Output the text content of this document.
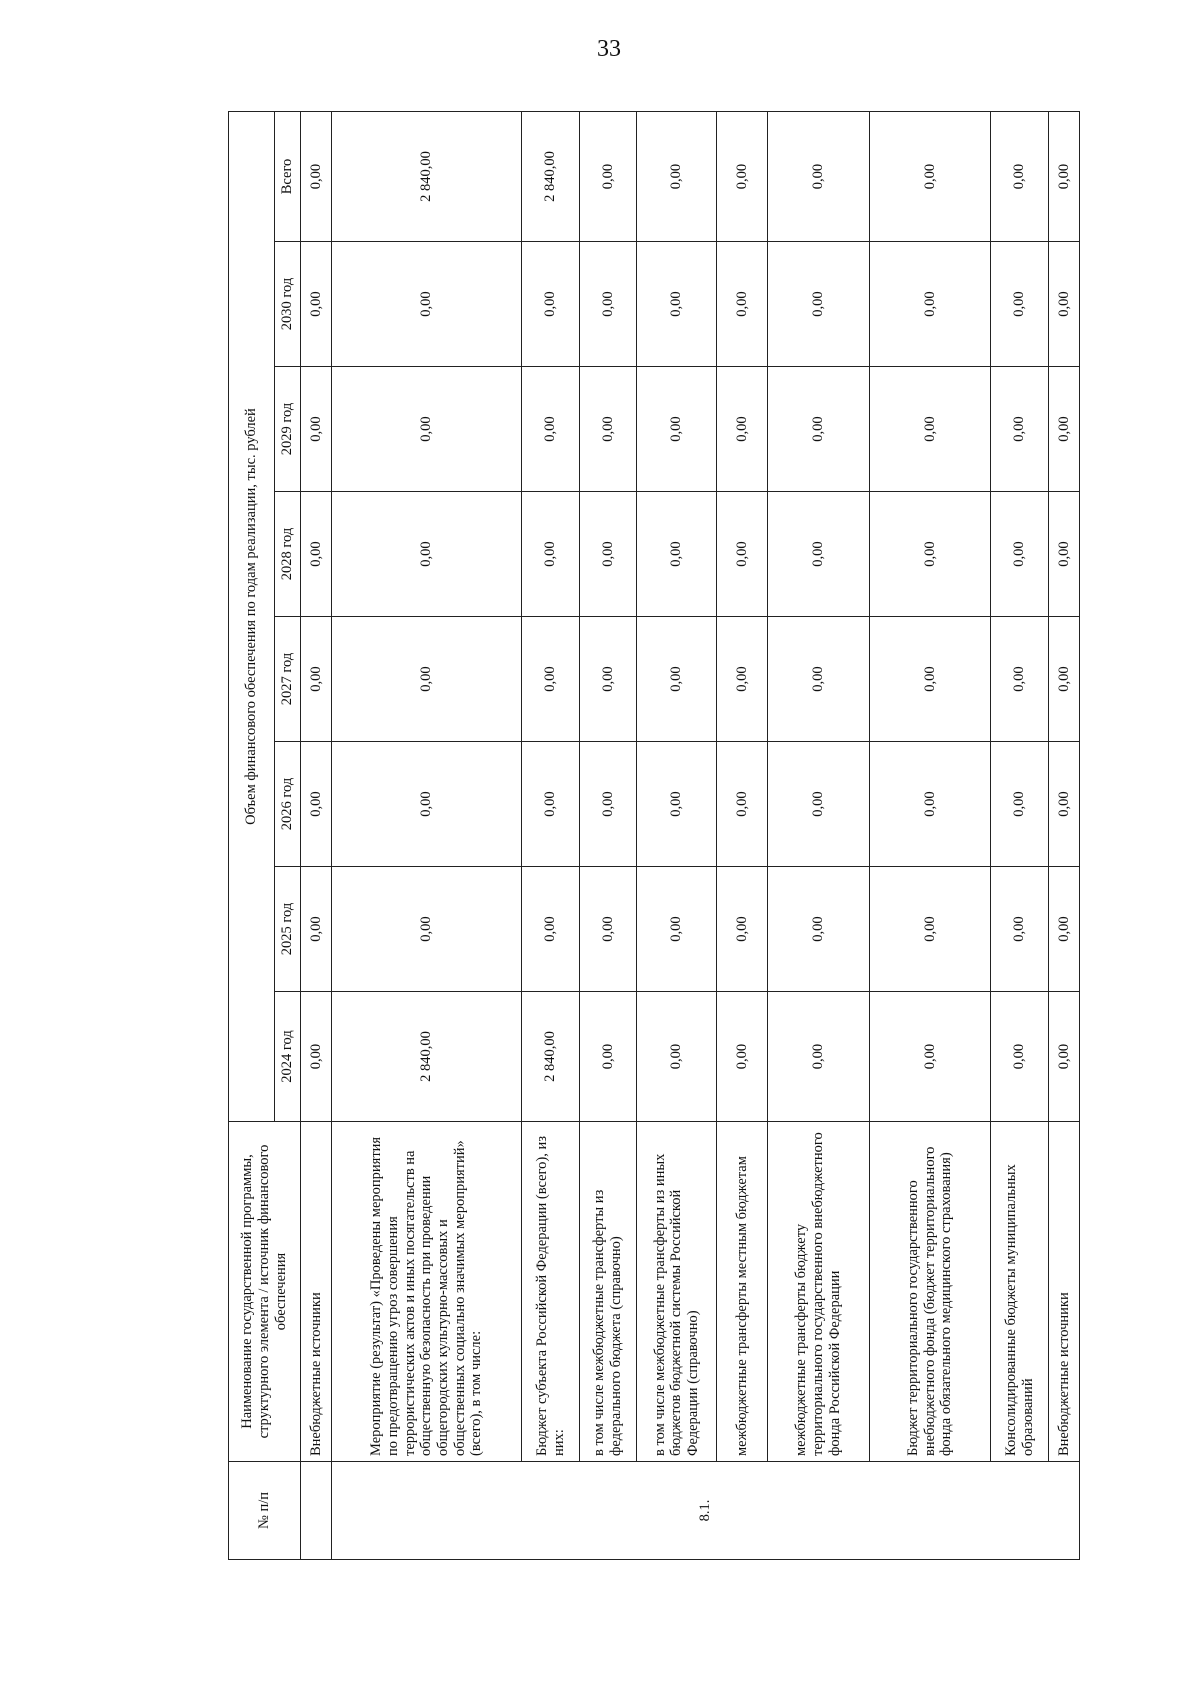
33
№ п/п	Наименование государственной программы, структурного элемента / источник финансового обеспечения	Объем финансового обеспечения по годам реализации, тыс. рублей							
		2024 год	2025 год	2026 год	2027 год	2028 год	2029 год	2030 год	Всего
	Внебюджетные источники	0,00	0,00	0,00	0,00	0,00	0,00	0,00	0,00
8.1.	Мероприятие (результат) «Проведены мероприятия по предотвращению угроз совершения террористических актов и иных посягательств на общественную безопасность при проведении общегородских культурно-массовых и общественных социально значимых мероприятий» (всего), в том числе:	2 840,00	0,00	0,00	0,00	0,00	0,00	0,00	2 840,00
	Бюджет субъекта Российской Федерации (всего), из них:	2 840,00	0,00	0,00	0,00	0,00	0,00	0,00	2 840,00
	в том числе межбюджетные трансферты из федерального бюджета (справочно)	0,00	0,00	0,00	0,00	0,00	0,00	0,00	0,00
	в том числе межбюджетные трансферты из иных бюджетов бюджетной системы Российской Федерации (справочно)	0,00	0,00	0,00	0,00	0,00	0,00	0,00	0,00
	межбюджетные трансферты местным бюджетам	0,00	0,00	0,00	0,00	0,00	0,00	0,00	0,00
	межбюджетные трансферты бюджету территориального государственного внебюджетного фонда Российской Федерации	0,00	0,00	0,00	0,00	0,00	0,00	0,00	0,00
	Бюджет территориального государственного внебюджетного фонда (бюджет территориального фонда обязательного медицинского страхования)	0,00	0,00	0,00	0,00	0,00	0,00	0,00	0,00
	Консолидированные бюджеты муниципальных образований	0,00	0,00	0,00	0,00	0,00	0,00	0,00	0,00
	Внебюджетные источники	0,00	0,00	0,00	0,00	0,00	0,00	0,00	0,00
